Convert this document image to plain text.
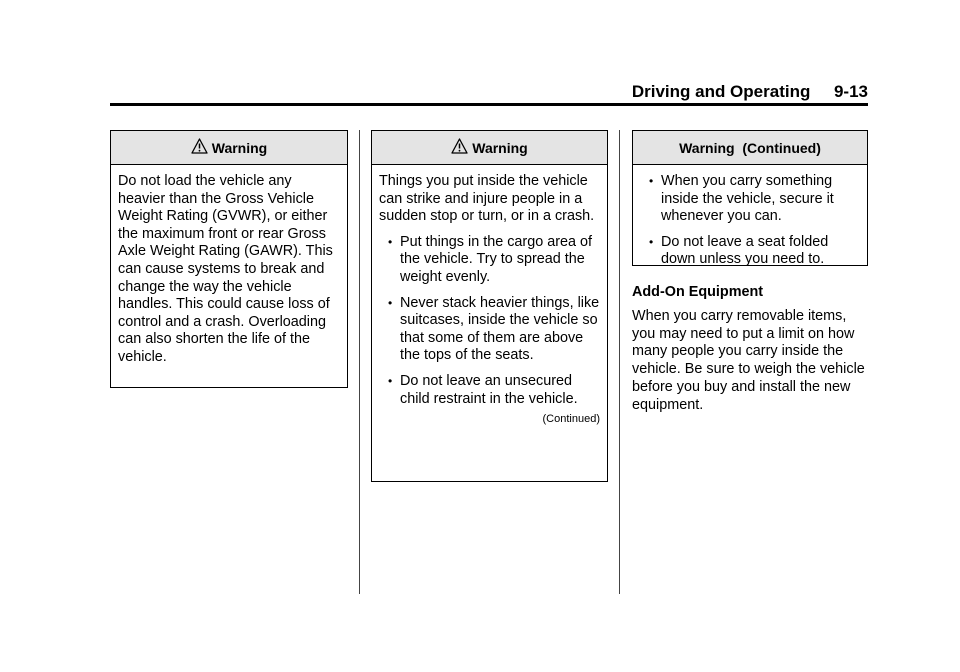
Driving and Operating     9-13
Warning

Do not load the vehicle any heavier than the Gross Vehicle Weight Rating (GVWR), or either the maximum front or rear Gross Axle Weight Rating (GAWR). This can cause systems to break and change the way the vehicle handles. This could cause loss of control and a crash. Overloading can also shorten the life of the vehicle.

Warning

Things you put inside the vehicle can strike and injure people in a sudden stop or turn, or in a crash.

• Put things in the cargo area of the vehicle. Try to spread the weight evenly.
• Never stack heavier things, like suitcases, inside the vehicle so that some of them are above the tops of the seats.
• Do not leave an unsecured child restraint in the vehicle.
(Continued)
Warning  (Continued)
• When you carry something inside the vehicle, secure it whenever you can.
• Do not leave a seat folded down unless you need to.
Add-On Equipment

When you carry removable items, you may need to put a limit on how many people you carry inside the vehicle. Be sure to weigh the vehicle before you buy and install the new equipment.
